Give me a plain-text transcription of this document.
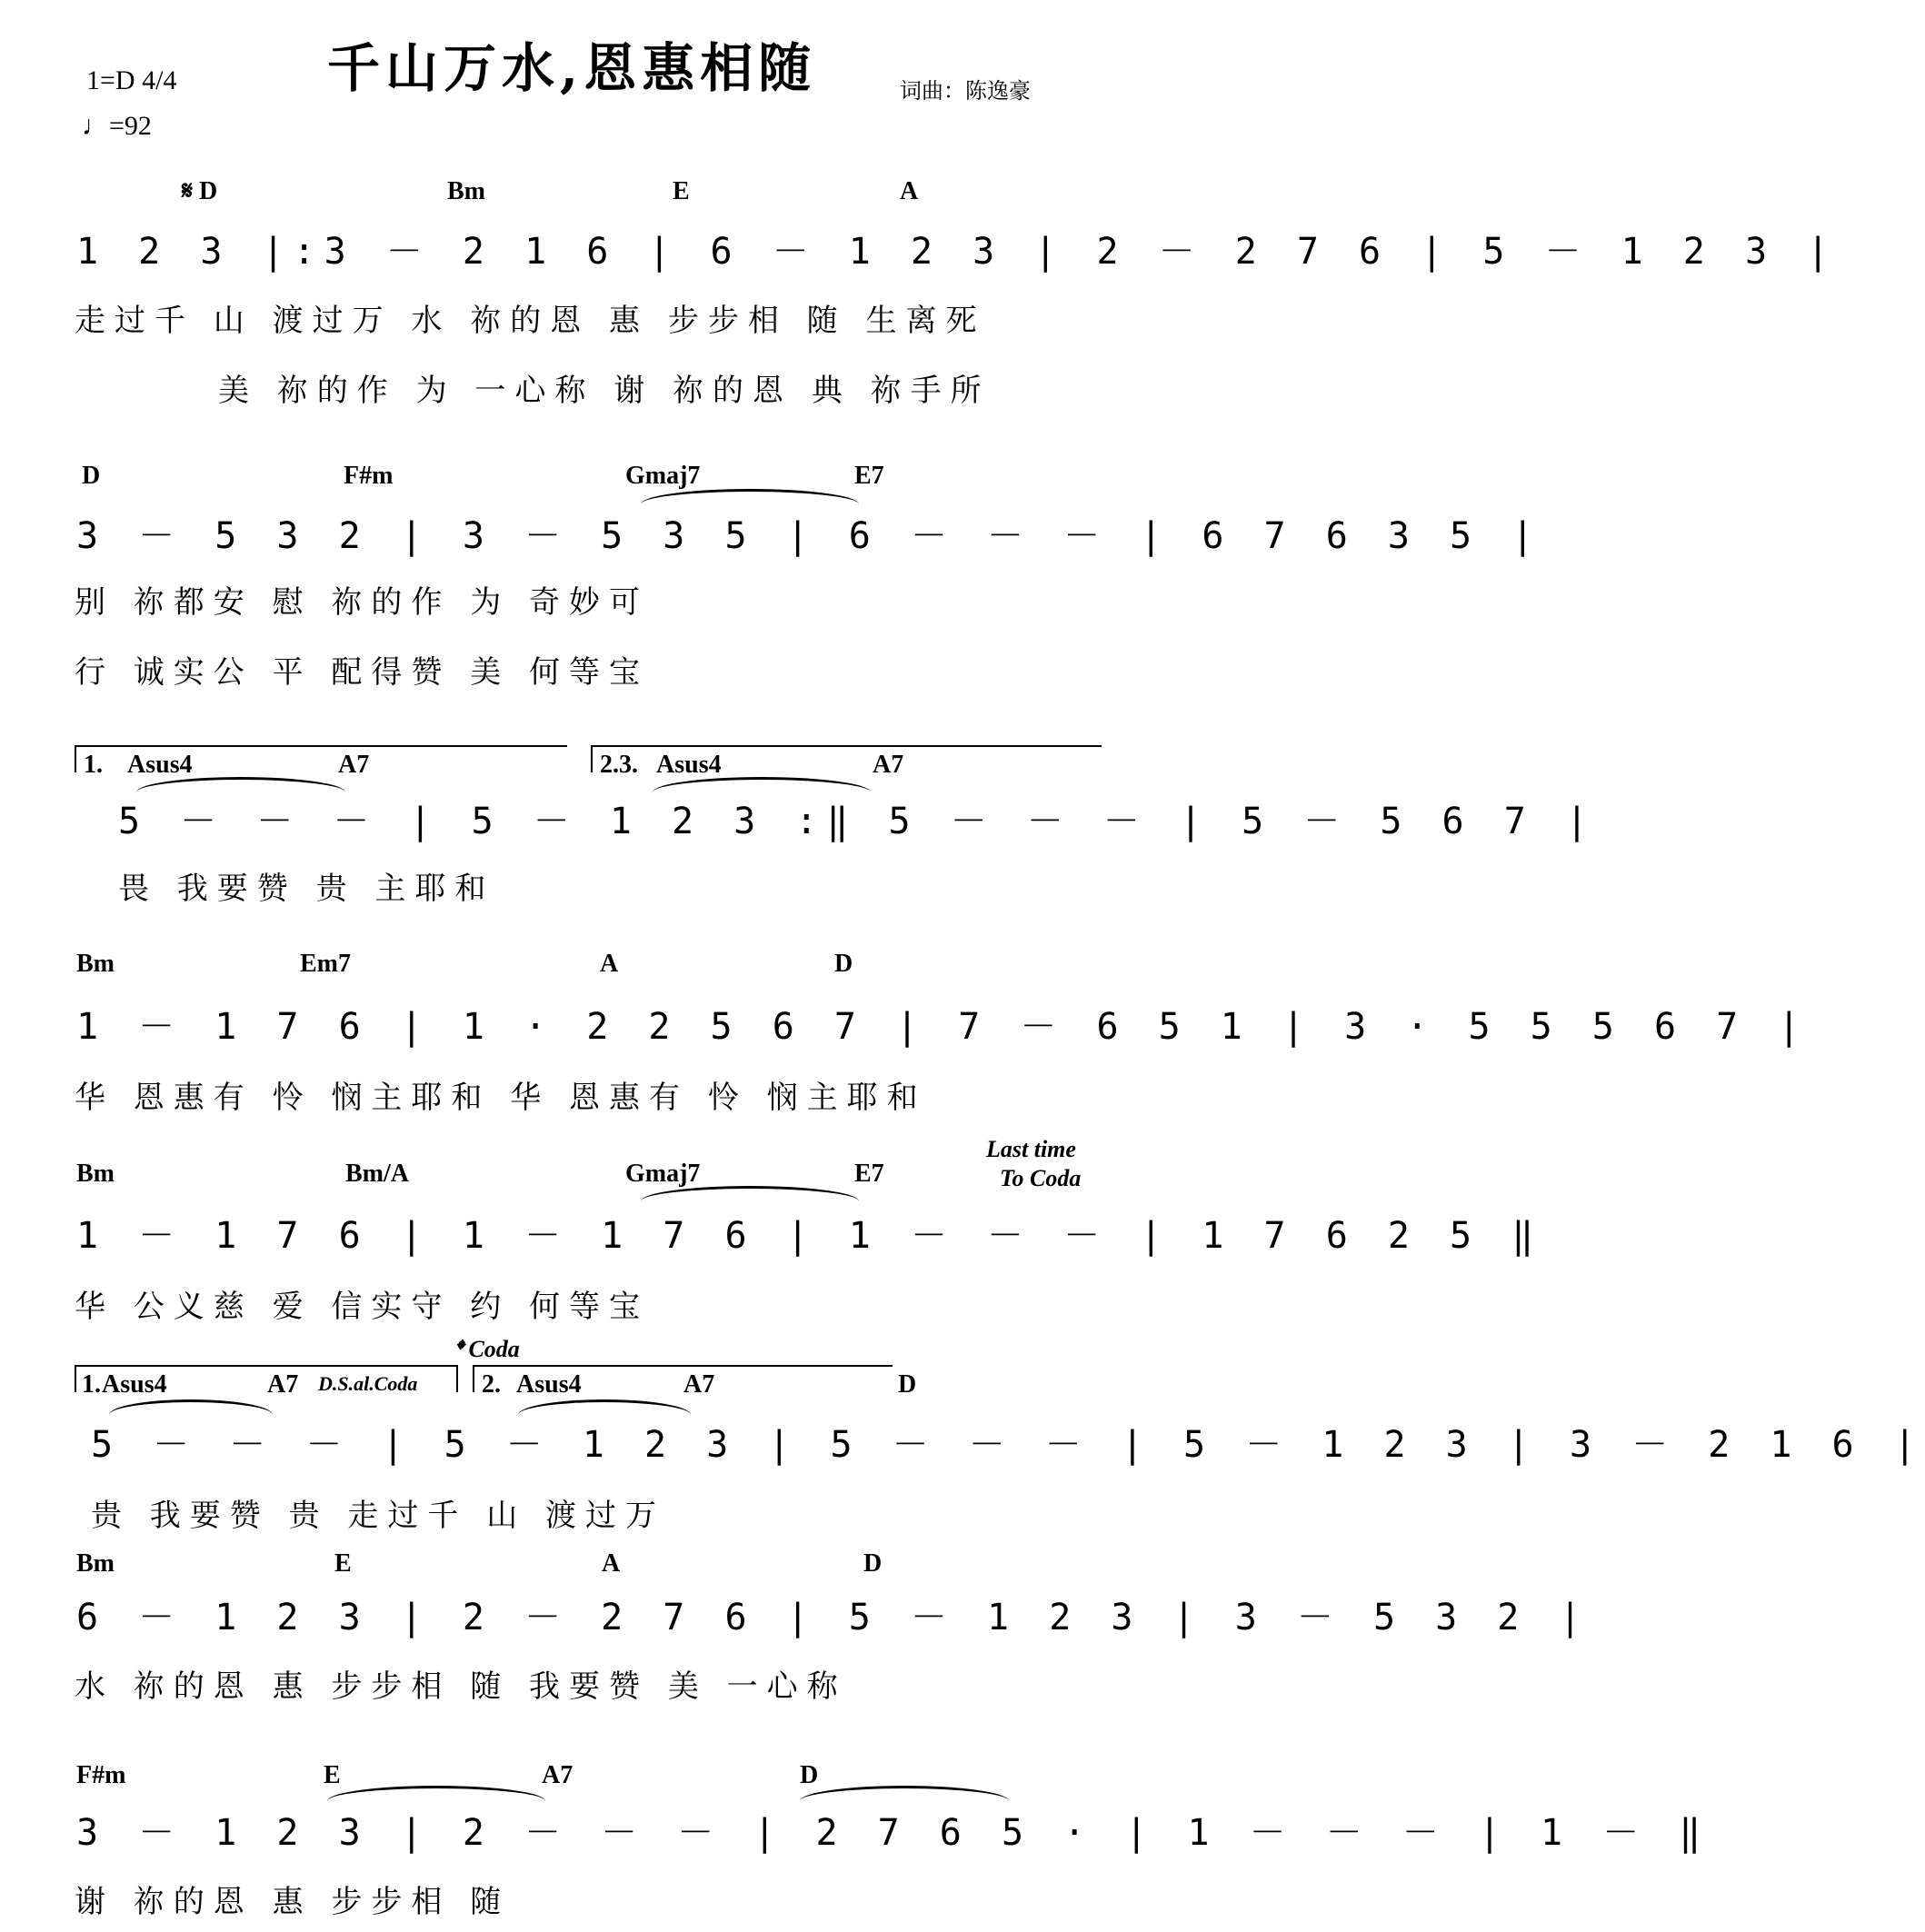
千山万水,恩惠相随
1=D 4/4
♩=92
词曲：陈逸豪
𝄋 D	Bm	E	A
1 2 3 |:3 － 2 1 6 | 6 － 1 2 3 | 2 － 2 7 6 | 5 － 1 2 3 |
走过千 山 渡过万 水 祢的恩 惠 步步相 随 生离死
美 祢的作 为 一心称 谢 祢的恩 典 祢手所
D	F#m	Gmaj7	E7
3 － 5 3 2 | 3 － 5 3 5 | 6 － － － | 6 7 6 3 5 |
别 祢都安 慰 祢的作 为 奇妙可
行 诚实公 平 配得赞 美 何等宝
1. Asus4	A7	2.3. Asus4	A7
5 － － － | 5 － 1 2 3 :‖ 5 － － － | 5 － 5 6 7 |
畏 我要赞 贵 主耶和
Bm	Em7	A	D
1 － 1 7 6 | 1 · 2 2 5 6 7 | 7 － 6 5 1 | 3 · 5 5 5 6 7 |
华 恩惠有 怜 悯主耶和 华 恩惠有 怜 悯主耶和
Bm	Bm/A	Gmaj7	E7
Last time
To Coda
1 － 1 7 6 | 1 － 1 7 6 | 1 － － － | 1 7 6 2 5 ‖
华 公义慈 爱 信实守 约 何等宝
𝄌 Coda
1. Asus4	A7 D.S.al.Coda	2. Asus4	A7	D
5 － － － | 5 － 1 2 3 | 5 － － － | 5 － 1 2 3 | 3 － 2 1 6 |
贵 我要赞 贵 走过千 山 渡过万
Bm	E	A	D
6 － 1 2 3 | 2 － 2 7 6 | 5 － 1 2 3 | 3 － 5 3 2 |
水 祢的恩 惠 步步相 随 我要赞 美 一心称
F#m	E	A7	D
3 － 1 2 3 | 2 － － － | 2 7 6 5 · | 1 － － － | 1 － ‖
谢 祢的恩 惠 步步相 随
